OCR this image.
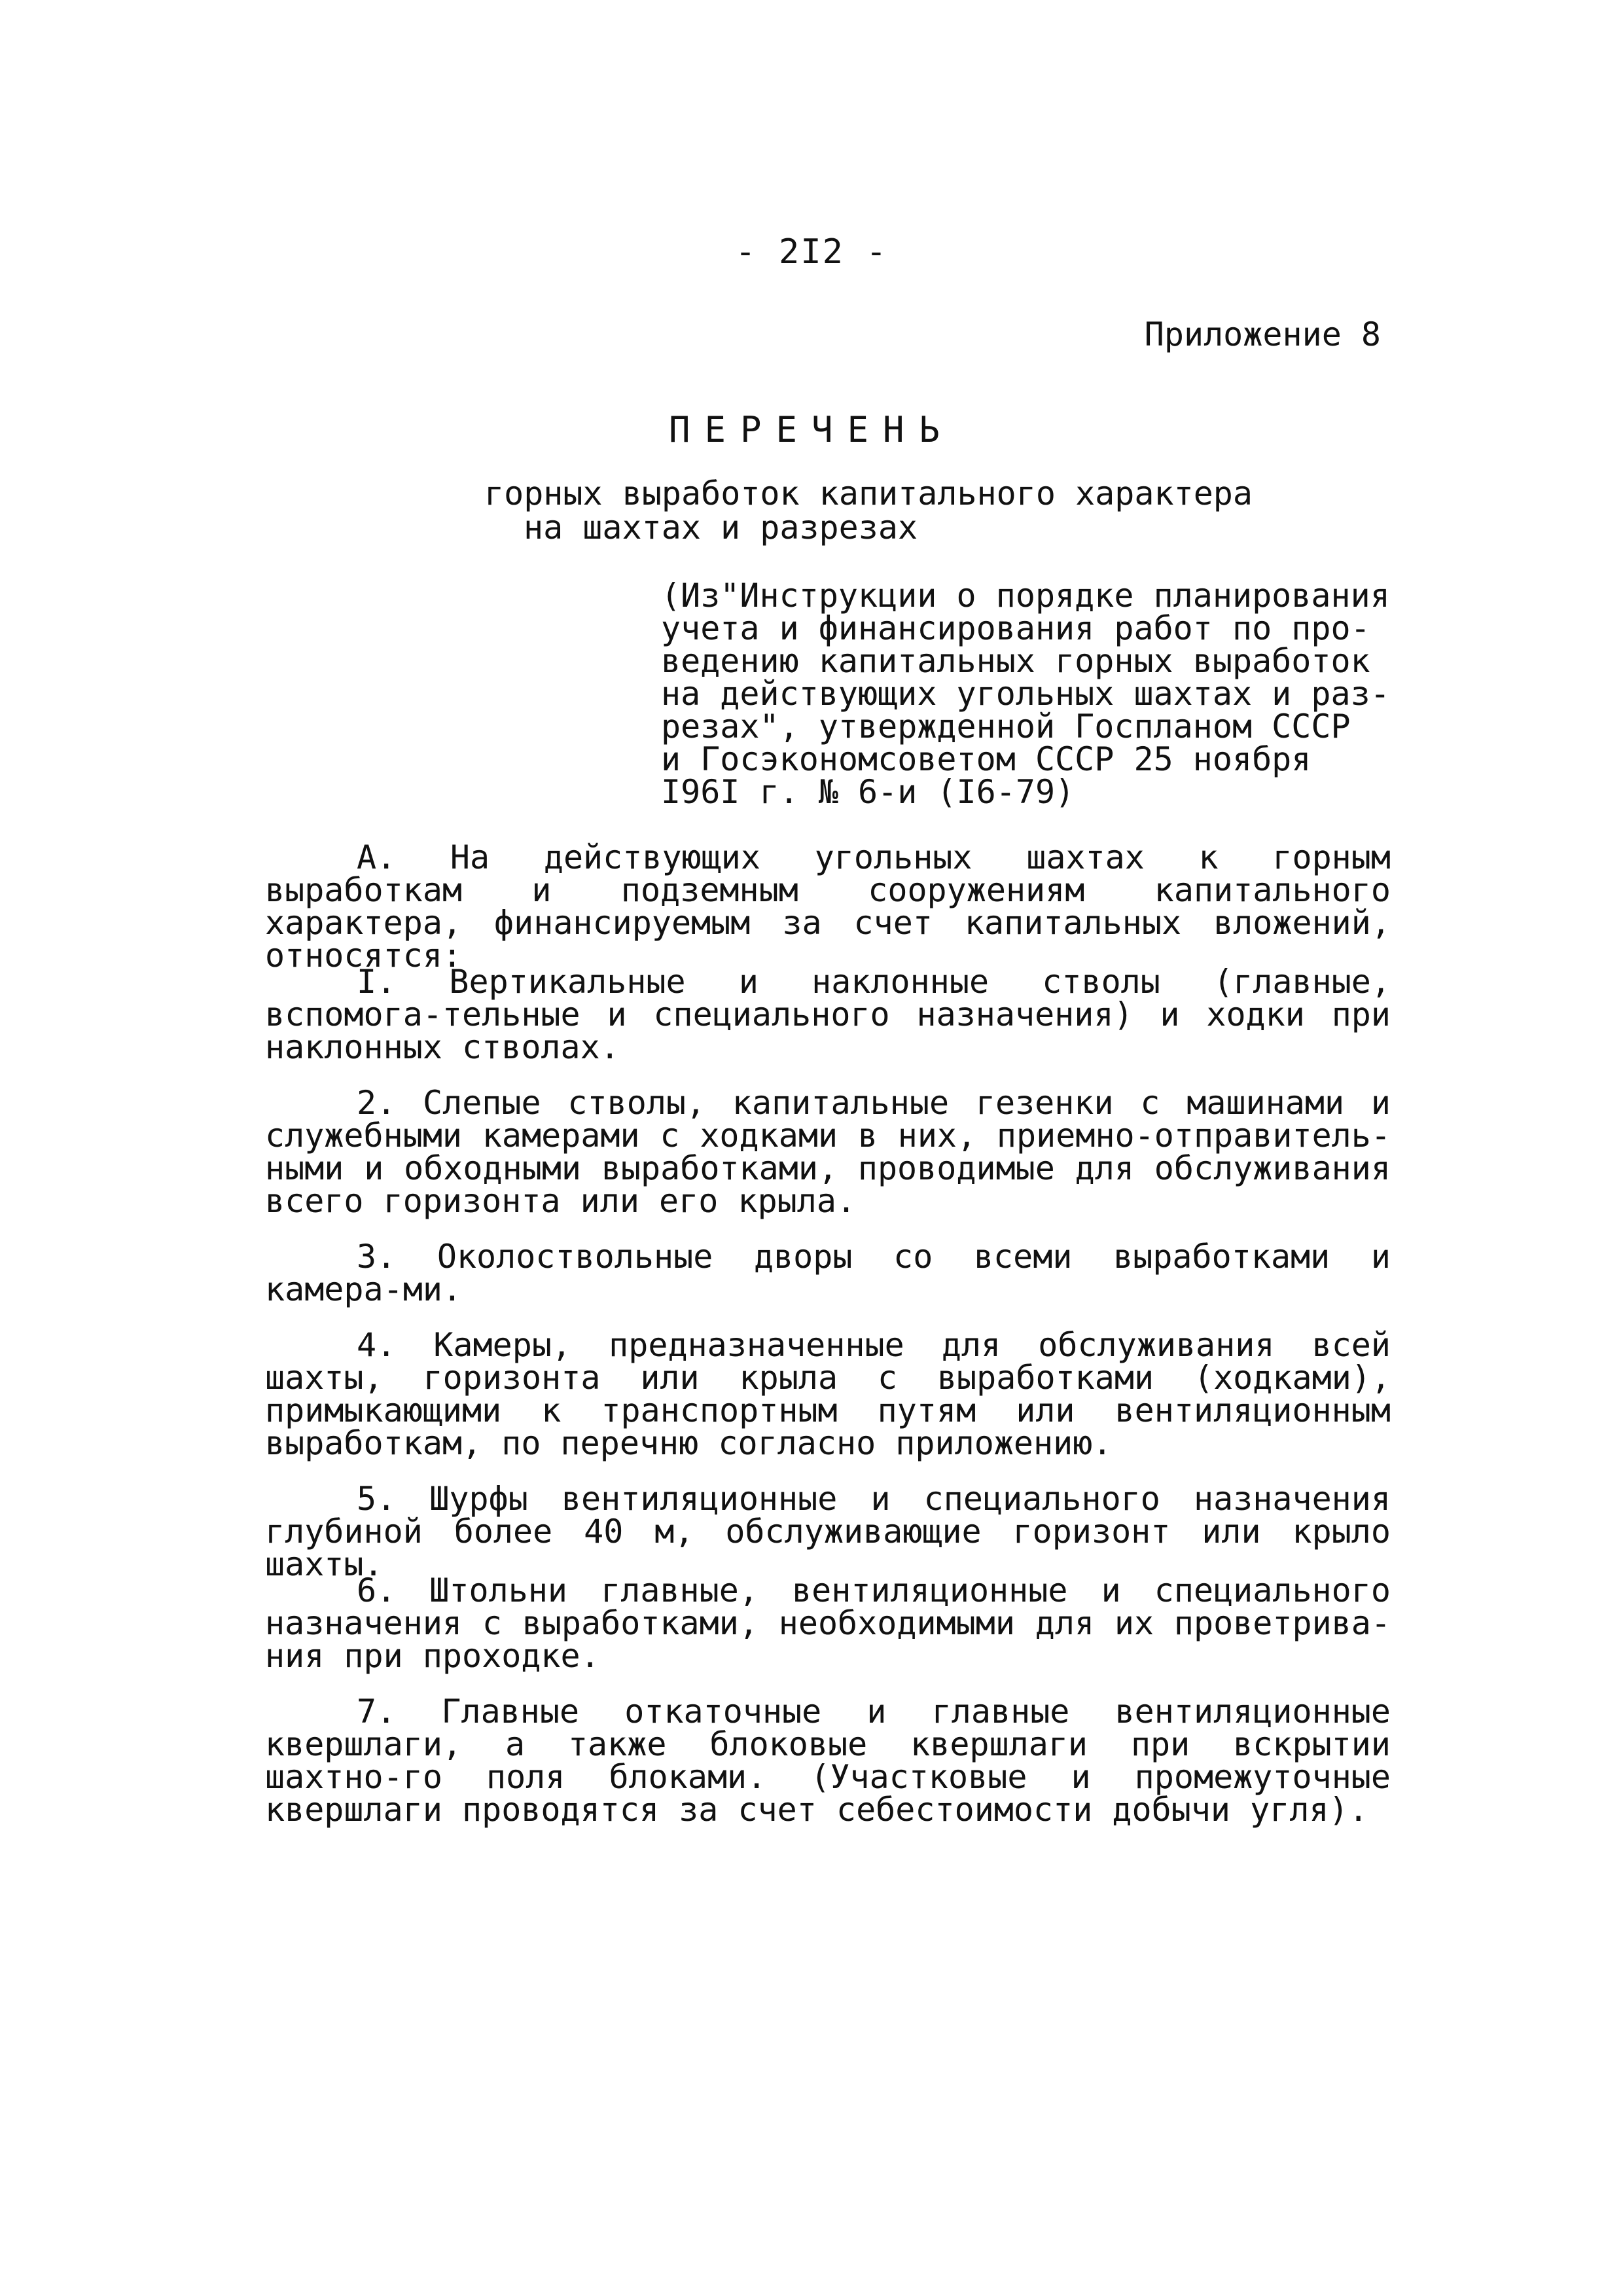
- 2I2 -
Приложение 8
ПЕРЕЧЕНЬ
горных выработок капитального характера
на шахтах и разрезах
(Из"Инструкции о порядке планирования
учета и финансирования работ по про-
ведению капитальных горных выработок
на действующих угольных шахтах и раз-
резах", утвержденной Госпланом СССР
и Госэкономсоветом СССР 25 ноября
I96I г. № 6-и (I6-79)

А. На действующих угольных шахтах к горным выработкам и подземным сооружениям капитального характера, финансируемым за счет капитальных вложений, относятся:

I. Вертикальные и наклонные стволы (главные, вспомога-тельные и специального назначения) и ходки при наклонных стволах.

2. Слепые стволы, капитальные гезенки с машинами и служебными камерами с ходками в них, приемно-отправитель-ными и обходными выработками, проводимые для обслуживания всего горизонта или его крыла.

3. Околоствольные дворы со всеми выработками и камера-ми.

4. Камеры, предназначенные для обслуживания всей шахты, горизонта или крыла с выработками (ходками), примыкающими к транспортным путям или вентиляционным выработкам, по перечню согласно приложению.

5. Шурфы вентиляционные и специального назначения глубиной более 40 м, обслуживающие горизонт или крыло шахты.

6. Штольни главные, вентиляционные и специального назначения с выработками, необходимыми для их проветрива-ния при проходке.

7. Главные откаточные и главные вентиляционные квершлаги, а также блоковые квершлаги при вскрытии шахтно-го поля блоками. (Участковые и промежуточные квершлаги проводятся за счет себестоимости добычи угля).
